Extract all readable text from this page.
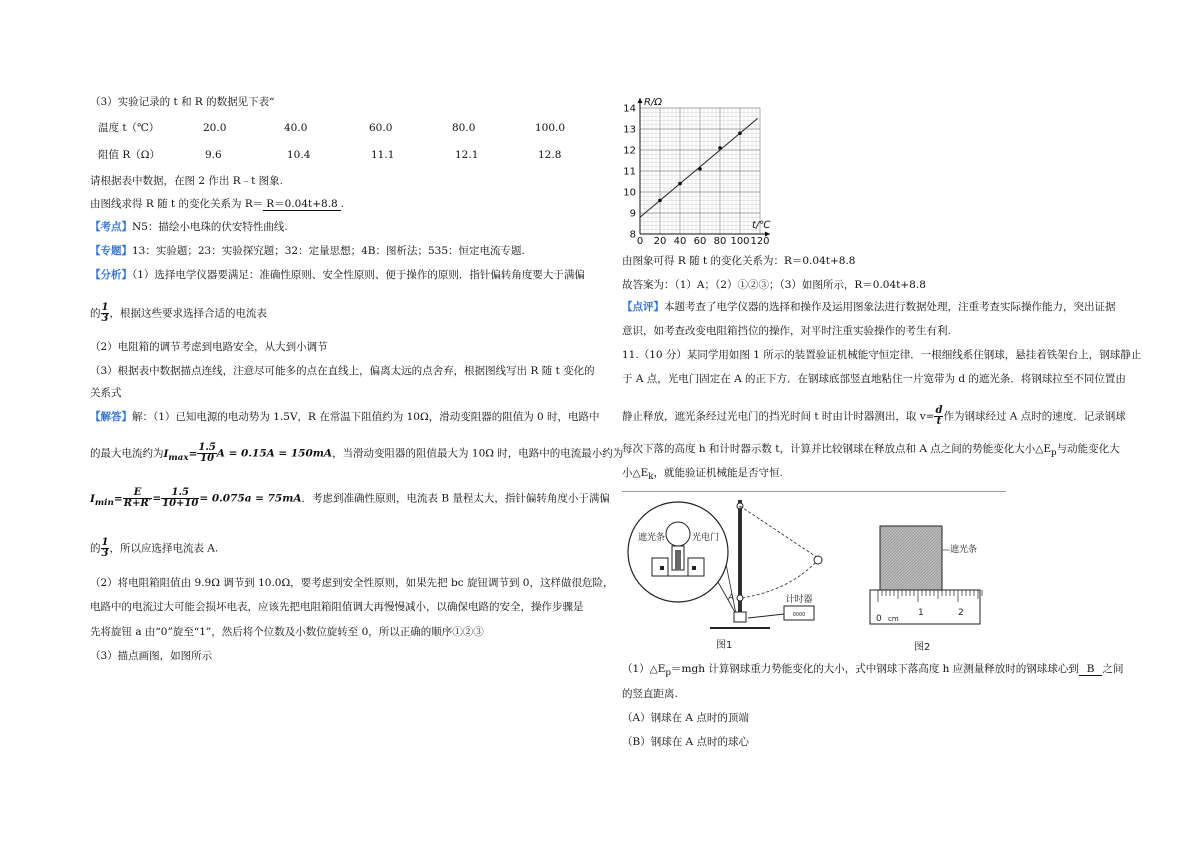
（3）实验记录的 t 和 R 的数据见下表“
温度 t（℃）	20.0	40.0	60.0	80.0	100.0
阻值 R（Ω）	9.6	10.4	11.1	12.1	12.8
请根据表中数据，在图 2 作出 R﹣t 图象.
由图线求得 R 随 t 的变化关系为 R＝ R＝0.04t+8.8 .
【考点】N5：描绘小电珠的伏安特性曲线.
【专题】13：实验题；23：实验探究题；32：定量思想；4B：图析法；535：恒定电流专题.
【分析】（1）选择电学仪器要满足：准确性原则、安全性原则、便于操作的原则．指针偏转角度要大于满偏
的 $\frac{1}{3}$ ，根据这些要求选择合适的电流表
（2）电阻箱的调节考虑到电路安全，从大到小调节
（3）根据表中数据描点连线，注意尽可能多的点在直线上，偏离太远的点舍弃，根据图线写出 R 随 t 变化的
关系式
【解答】解：（1）已知电源的电动势为 1.5V，R 在常温下阻值约为 10Ω，滑动变阻器的阻值为 0 时，电路中
的最大电流约为$I_{max}= \frac{1.5}{10}$ A = 0.15A = 150mA，当滑动变阻器的阻值最大为 10Ω 时，电路中的电流最小约为
$I_{min}= \frac{E}{R+R'} = \frac{1.5}{10+10} = 0.075a = 75mA$．考虑到准确性原则，电流表 B 量程太大，指针偏转角度小于满偏
的 $\frac{1}{3}$ ，所以应选择电流表 A.
（2）将电阻箱阻值由 9.9Ω 调节到 10.0Ω，要考虑到安全性原则，如果先把 bc 旋钮调节到 0，这样做很危险，
电路中的电流过大可能会损坏电表，应该先把电阻箱阻值调大再慢慢减小，以确保电路的安全，操作步骤是
先将旋钮 a 由“0”旋至“1”，然后将个位数及小数位旋转至 0，所以正确的顺序①②③
（3）描点画图，如图所示
0 20 40 60 80 100 120
8
9
10
11
12
13
14
R/Ω
t/℃
由图象可得 R 随 t 的变化关系为：R＝0.04t+8.8
故答案为：（1）A；（2）①②③；（3）如图所示，R＝0.04t+8.8
【点评】本题考查了电学仪器的选择和操作及运用图象法进行数据处理，注重考查实际操作能力，突出证据
意识，如考查改变电阻箱挡位的操作，对平时注重实验操作的考生有利.
11.（10 分）某同学用如图 1 所示的装置验证机械能守恒定律．一根细线系住钢球，悬挂着铁架台上，钢球静止
于 A 点，光电门固定在 A 的正下方．在钢球底部竖直地粘住一片宽带为 d 的遮光条．将钢球拉至不同位置由
静止释放，遮光条经过光电门的挡光时间 t 时由计时器测出，取 $v= \frac{d}{t}$ 作为钢球经过 A 点时的速度．记录钢球
每次下落的高度 h 和计时器示数 t，计算并比较钢球在释放点和 A 点之间的势能变化大小$\triangle E_p$与动能变化大
小$\triangle E_k$，就能验证机械能是否守恒.
0000
计时器
遮光条	光电门
A
图1
遮光条
0 cm
1	2
图2
$(1)\triangle E_p=mgh$ 计算钢球重力势能变化的大小，式中钢球下落高度 h 应测量释放时的钢球球心到 B 之间
的竖直距离.
（A）钢球在 A 点时的顶端
（B）钢球在 A 点时的球心
